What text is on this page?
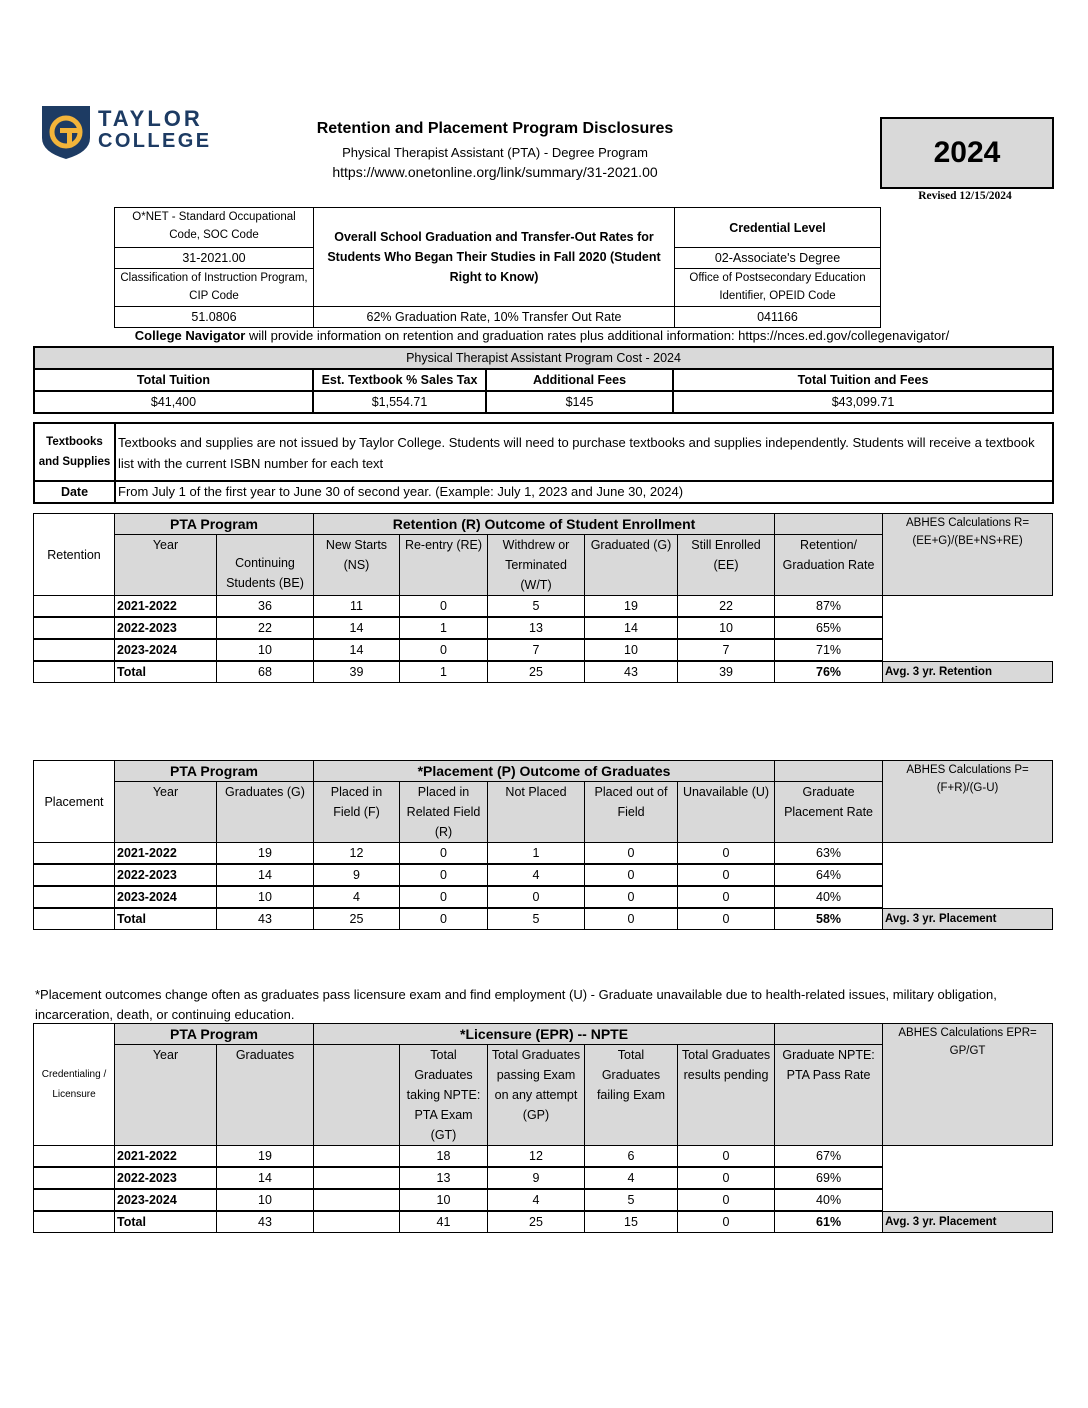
TAYLOR
COLLEGE
Retention and Placement Program Disclosures
Physical Therapist Assistant (PTA) - Degree Program
https://www.onetonline.org/link/summary/31-2021.00
2024
Revised 12/15/2024
O*NET - Standard Occupational Code, SOC Code	Overall School Graduation and Transfer-Out Rates for Students Who Began Their Studies in Fall 2020 (Student Right to Know)	Credential Level
31-2021.00		02-Associate's Degree
Classification of Instruction Program, CIP Code		Office of Postsecondary Education Identifier, OPEID Code

51.0806	62% Graduation Rate, 10% Transfer Out Rate	041166
College Navigator will provide information on retention and graduation rates plus additional information: https://nces.ed.gov/collegenavigator/
Physical Therapist Assistant Program Cost - 2024			
Total Tuition	Est. Textbook % Sales Tax	Additional Fees	Total Tuition and Fees
$41,400	$1,554.71	$145	$43,099.71
Textbooks and Supplies	Textbooks and supplies are not issued by Taylor College. Students will need to purchase textbooks and supplies independently. Students will receive a textbook list with the current ISBN number for each text
Date	From July 1 of the first year to June 30 of second year. (Example: July 1, 2023 and June 30, 2024)
Retention	PTA Program		Retention (R) Outcome of Student Enrollment						ABHES Calculations R=(EE+G)/(BE+NS+RE)
	Year	Continuing Students (BE)	New Starts (NS)	Re-entry (RE)	Withdrew or Terminated (W/T)	Graduated (G)	Still Enrolled (EE)	Retention/ Graduation Rate	
	2021-2022	36	11	0	5	19	22	87%	

	2022-2023	22	14	1	13	14	10	65%	

	2023-2024	10	14	0	7	10	7	71%	

	Total	68	39	1	25	43	39	76%	Avg. 3 yr. Retention
Placement	PTA Program		*Placement (P) Outcome of Graduates						ABHES Calculations P=(F+R)/(G-U)
	Year	Graduates (G)	Placed in Field (F)	Placed in Related Field (R)	Not Placed	Placed out of Field	Unavailable (U)	Graduate Placement Rate	
	2021-2022	19	12	0	1	0	0	63%	

	2022-2023	14	9	0	4	0	0	64%	

	2023-2024	10	4	0	0	0	0	40%	

	Total	43	25	0	5	0	0	58%	Avg. 3 yr. Placement
Credentialing / Licensure	PTA Program		*Licensure (EPR) -- NPTE						ABHES Calculations EPR= GP/GT
	Year	Graduates		Total Graduates taking NPTE: PTA Exam (GT)	Total Graduates passing Exam on any attempt (GP)	Total Graduates failing Exam	Total Graduates results pending	Graduate NPTE: PTA Pass Rate	
	2021-2022	19		18	12	6	0	67%	

	2022-2023	14		13	9	4	0	69%	

	2023-2024	10		10	4	5	0	40%	

	Total	43		41	25	15	0	61%	Avg. 3 yr. Placement
*Placement outcomes change often as graduates pass licensure exam and find employment (U) - Graduate unavailable due to health-related issues, military obligation, incarceration, death, or continuing education.
